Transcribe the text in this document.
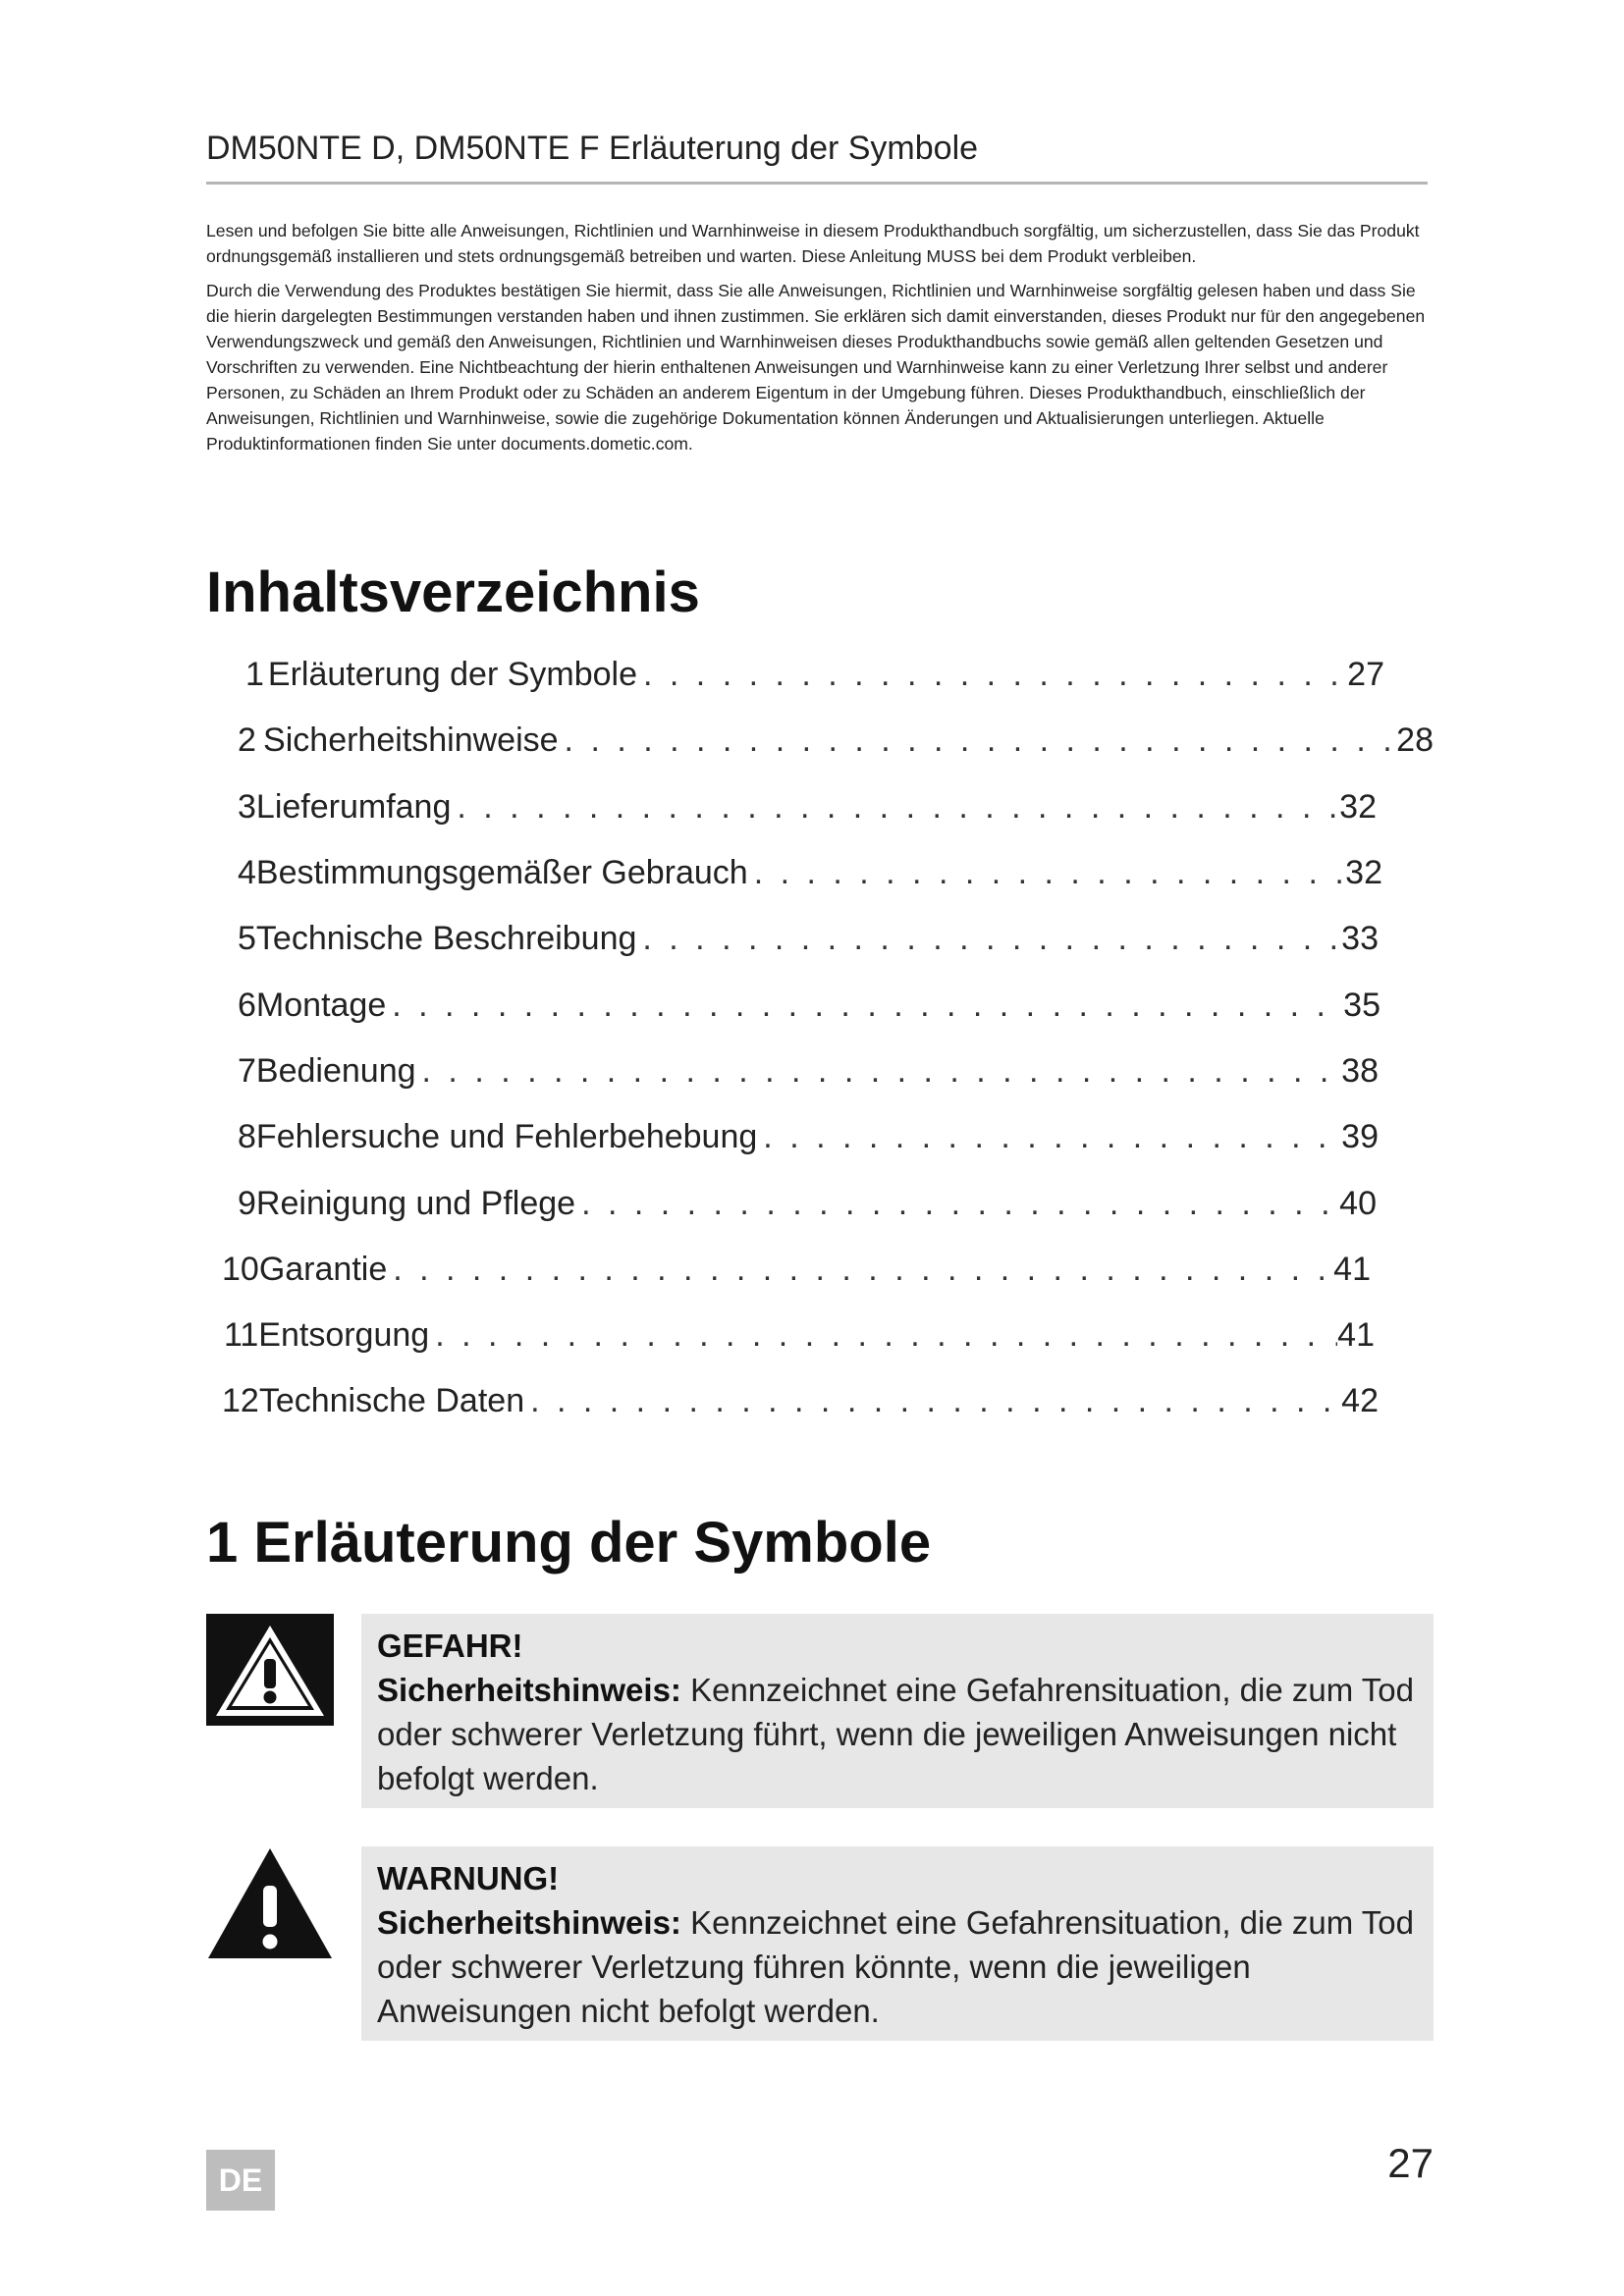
DM50NTE D, DM50NTE F Erläuterung der Symbole

Lesen und befolgen Sie bitte alle Anweisungen, Richtlinien und Warnhinweise in diesem Produkthandbuch sorgfältig, um sicherzustellen, dass Sie das Produkt ordnungsgemäß installieren und stets ordnungsgemäß betreiben und warten. Diese Anleitung MUSS bei dem Produkt verbleiben.

Durch die Verwendung des Produktes bestätigen Sie hiermit, dass Sie alle Anweisungen, Richtlinien und Warnhinweise sorgfältig gelesen haben und dass Sie die hierin dargelegten Bestimmungen verstanden haben und ihnen zustimmen. Sie erklären sich damit einverstanden, dieses Produkt nur für den angegebenen Verwendungszweck und gemäß den Anweisungen, Richtlinien und Warnhinweisen dieses Produkthandbuchs sowie gemäß allen geltenden Gesetzen und Vorschriften zu verwenden. Eine Nichtbeachtung der hierin enthaltenen Anweisungen und Warnhinweise kann zu einer Verletzung Ihrer selbst und anderer Personen, zu Schäden an Ihrem Produkt oder zu Schäden an anderem Eigentum in der Umgebung führen. Dieses Produkthandbuch, einschließlich der Anweisungen, Richtlinien und Warnhinweise, sowie die zugehörige Dokumentation können Änderungen und Aktualisierungen unterliegen. Aktuelle Produktinformationen finden Sie unter documents.dometic.com.

Inhaltsverzeichnis
1 Erläuterung der Symbole . . .	27
2 Sicherheitshinweise . . .	28
3 Lieferumfang . . .	32
4 Bestimmungsgemäßer Gebrauch . . .	32
5 Technische Beschreibung . . .	33
6 Montage . . .	35
7 Bedienung . . .	38
8 Fehlersuche und Fehlerbehebung . . .	39
9 Reinigung und Pflege . . .	40
10 Garantie . . .	41
11 Entsorgung . . .	41
12 Technische Daten . . .	42
1 Erläuterung der Symbole
GEFAHR!
Sicherheitshinweis: Kennzeichnet eine Gefahrensituation, die zum Tod oder schwerer Verletzung führt, wenn die jeweiligen Anweisungen nicht befolgt werden.
WARNUNG!
Sicherheitshinweis: Kennzeichnet eine Gefahrensituation, die zum Tod oder schwerer Verletzung führen könnte, wenn die jeweiligen Anweisungen nicht befolgt werden.
DE	27
